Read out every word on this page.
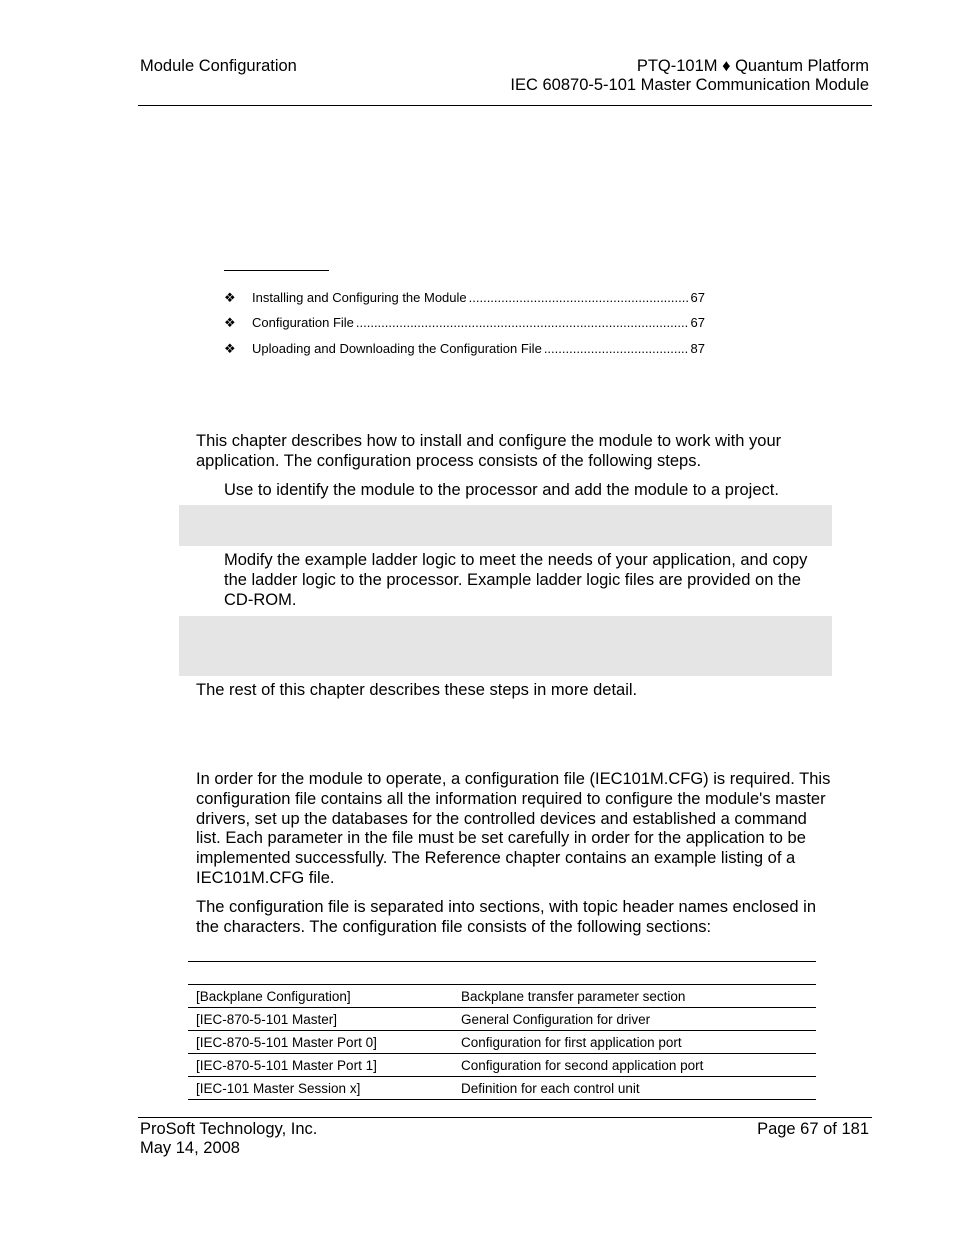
Module Configuration	PTQ-101M ♦ Quantum Platform
IEC 60870-5-101 Master Communication Module
❖	Installing and Configuring the Module .....	67
❖	Configuration File .....	67
❖	Uploading and Downloading the Configuration File .....	87
This chapter describes how to install and configure the module to work with your application. The configuration process consists of the following steps.
Use to identify the module to the processor and add the module to a project.
Modify the example ladder logic to meet the needs of your application, and copy the ladder logic to the processor. Example ladder logic files are provided on the CD-ROM.
The rest of this chapter describes these steps in more detail.
In order for the module to operate, a configuration file (IEC101M.CFG) is required. This configuration file contains all the information required to configure the module's master drivers, set up the databases for the controlled devices and established a command list. Each parameter in the file must be set carefully in order for the application to be implemented successfully. The Reference chapter contains an example listing of a IEC101M.CFG file.
The configuration file is separated into sections, with topic header names enclosed in the characters. The configuration file consists of the following sections:
[Backplane Configuration]	Backplane transfer parameter section
[IEC-870-5-101 Master]	General Configuration for driver
[IEC-870-5-101 Master Port 0]	Configuration for first application port
[IEC-870-5-101 Master Port 1]	Configuration for second application port
[IEC-101 Master Session x]	Definition for each control unit
ProSoft Technology, Inc.
May 14, 2008
Page 67 of 181
